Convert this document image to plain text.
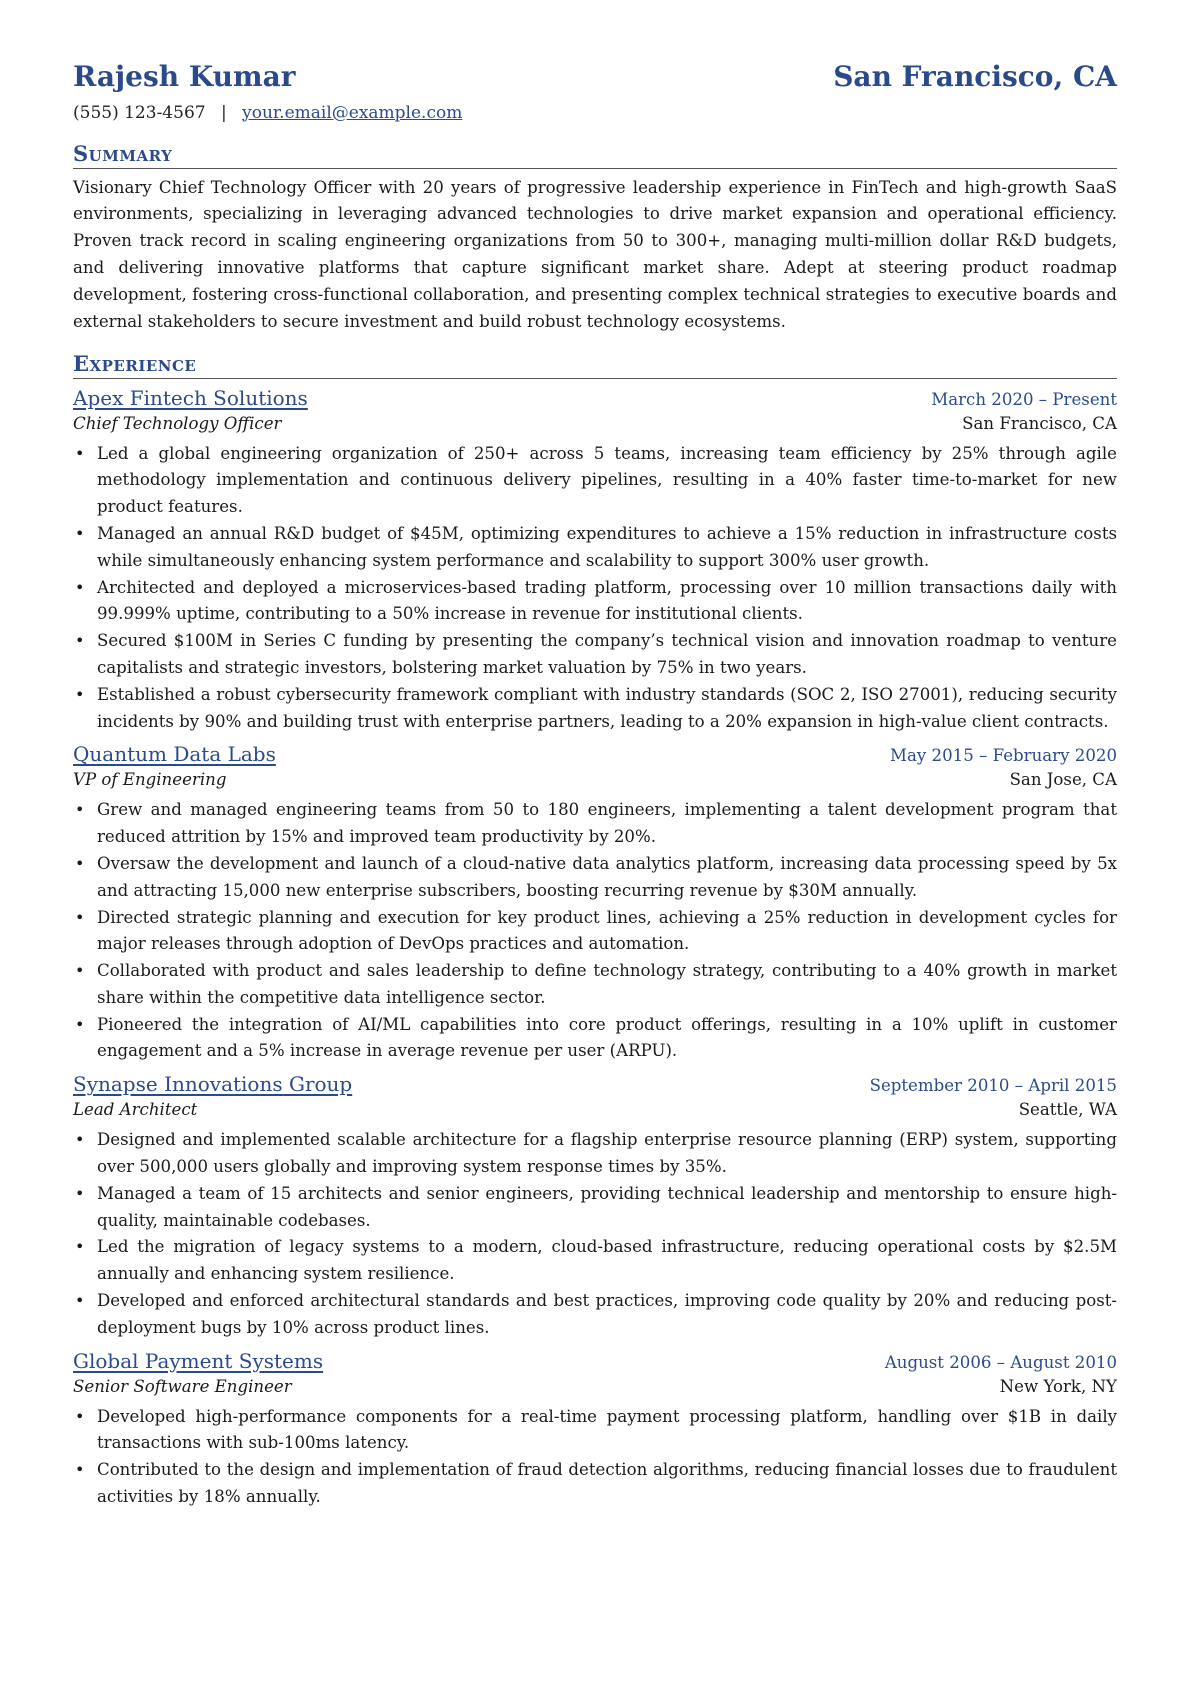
Rajesh Kumar	San Francisco, CA
(555) 123-4567 | your.email@example.com
Summary
Visionary Chief Technology Officer with 20 years of progressive leadership experience in FinTech and high-growth SaaS environments, specializing in leveraging advanced technologies to drive market expansion and operational efficiency. Proven track record in scaling engineering organizations from 50 to 300+, managing multi-million dollar R&D budgets, and delivering innovative platforms that capture significant market share. Adept at steering product roadmap development, fostering cross-functional collaboration, and presenting complex technical strategies to executive boards and external stakeholders to secure investment and build robust technology ecosystems.
Experience
Apex Fintech Solutions	March 2020 – Present
Chief Technology Officer	San Francisco, CA
• Led a global engineering organization of 250+ across 5 teams, increasing team efficiency by 25% through agile methodology implementation and continuous delivery pipelines, resulting in a 40% faster time-to-market for new product features.
• Managed an annual R&D budget of $45M, optimizing expenditures to achieve a 15% reduction in infrastructure costs while simultaneously enhancing system performance and scalability to support 300% user growth.
• Architected and deployed a microservices-based trading platform, processing over 10 million transactions daily with 99.999% uptime, contributing to a 50% increase in revenue for institutional clients.
• Secured $100M in Series C funding by presenting the company’s technical vision and innovation roadmap to venture capitalists and strategic investors, bolstering market valuation by 75% in two years.
• Established a robust cybersecurity framework compliant with industry standards (SOC 2, ISO 27001), reducing security incidents by 90% and building trust with enterprise partners, leading to a 20% expansion in high-value client contracts.
Quantum Data Labs	May 2015 – February 2020
VP of Engineering	San Jose, CA
• Grew and managed engineering teams from 50 to 180 engineers, implementing a talent development program that reduced attrition by 15% and improved team productivity by 20%.
• Oversaw the development and launch of a cloud-native data analytics platform, increasing data processing speed by 5x and attracting 15,000 new enterprise subscribers, boosting recurring revenue by $30M annually.
• Directed strategic planning and execution for key product lines, achieving a 25% reduction in development cycles for major releases through adoption of DevOps practices and automation.
• Collaborated with product and sales leadership to define technology strategy, contributing to a 40% growth in market share within the competitive data intelligence sector.
• Pioneered the integration of AI/ML capabilities into core product offerings, resulting in a 10% uplift in customer engagement and a 5% increase in average revenue per user (ARPU).
Synapse Innovations Group	September 2010 – April 2015
Lead Architect	Seattle, WA
• Designed and implemented scalable architecture for a flagship enterprise resource planning (ERP) system, supporting over 500,000 users globally and improving system response times by 35%.
• Managed a team of 15 architects and senior engineers, providing technical leadership and mentorship to ensure high-quality, maintainable codebases.
• Led the migration of legacy systems to a modern, cloud-based infrastructure, reducing operational costs by $2.5M annually and enhancing system resilience.
• Developed and enforced architectural standards and best practices, improving code quality by 20% and reducing post-deployment bugs by 10% across product lines.
Global Payment Systems	August 2006 – August 2010
Senior Software Engineer	New York, NY
• Developed high-performance components for a real-time payment processing platform, handling over $1B in daily transactions with sub-100ms latency.
• Contributed to the design and implementation of fraud detection algorithms, reducing financial losses due to fraudulent activities by 18% annually.
